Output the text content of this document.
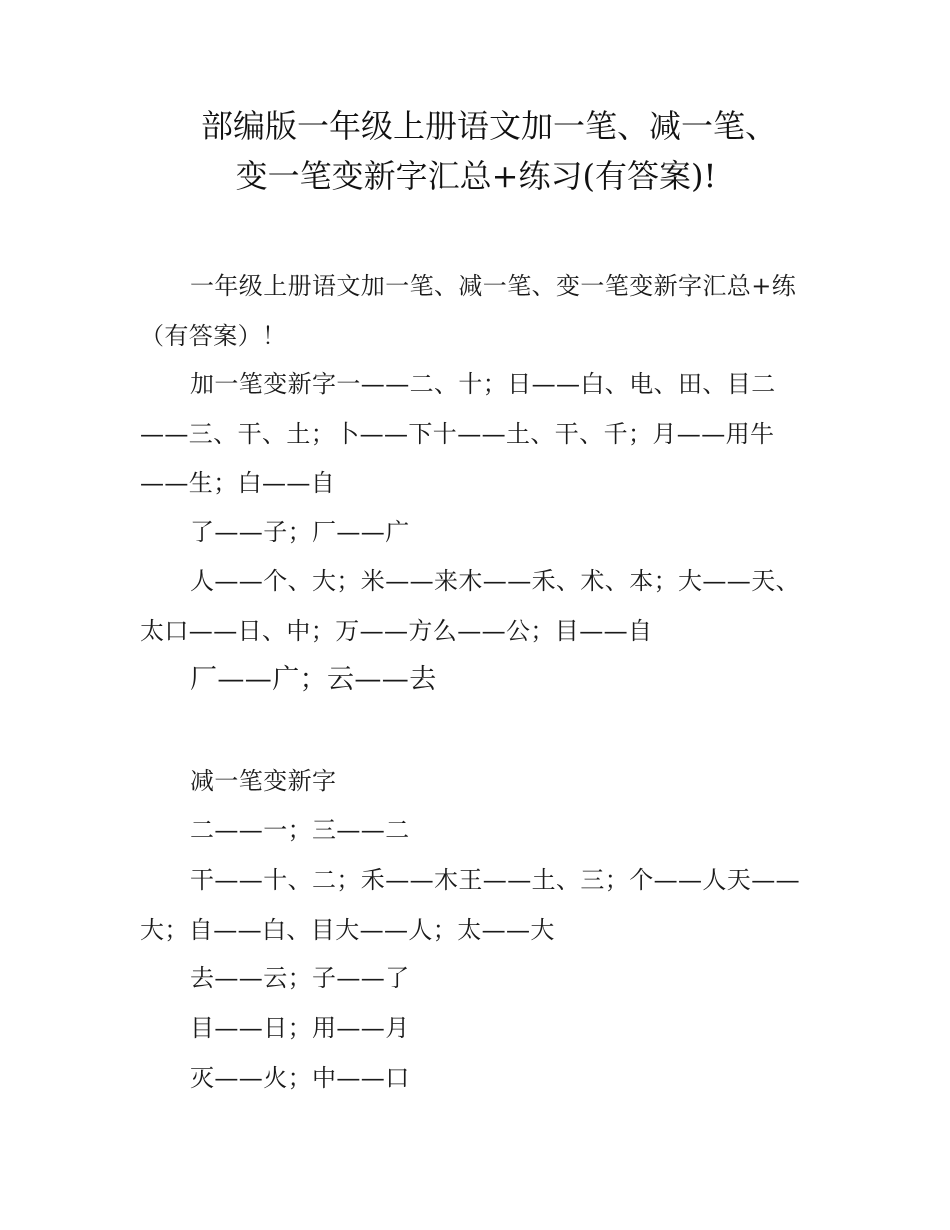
部编版一年级上册语文加一笔、减一笔、
变一笔变新字汇总+练习(有答案)!
一年级上册语文加一笔、减一笔、变一笔变新字汇总+练（有答案）！
加一笔变新字一——二、十；日——白、电、田、目二——三、干、土；卜——下十——土、干、千；月——用牛——生；白——自
了——子；厂——广
人——个、大；米——来木——禾、术、本；大——天、太口——日、中；万——方么——公；目——自
厂——广；云——去
减一笔变新字
二——一；三——二
干——十、二；禾——木王——土、三；个——人天——大；自——白、目大——人；太——大
去——云；子——了
目——日；用——月
灭——火；中——口
